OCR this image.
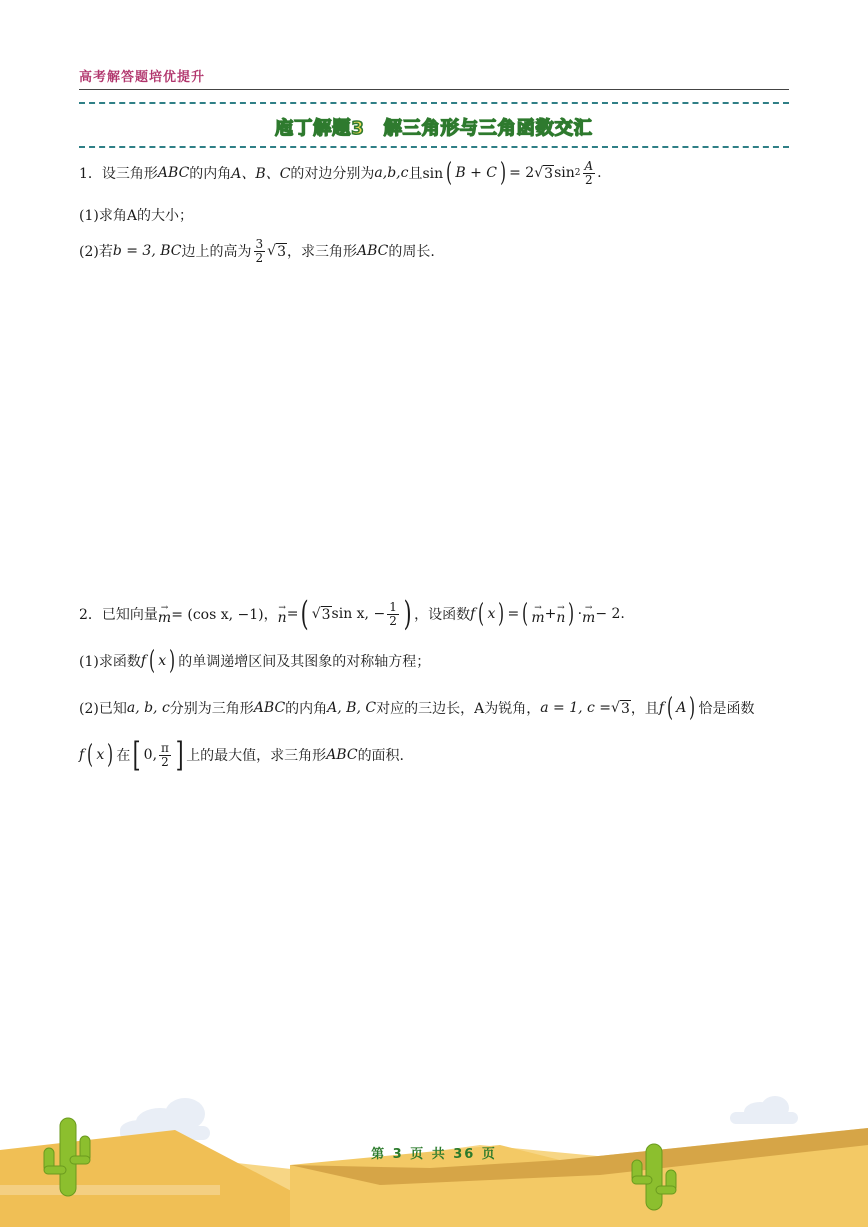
高考解答题培优提升
庖丁解题3　解三角形与三角函数交汇
1．设三角形 ABC 的内角 A、B、C 的对边分别为 a,b,c 且sin ( B + C ) = 2 √ 3 $\sin 2 \frac{A}{2}$ .
(1)求角A的大小；
(2)若 b = 3, BC 边上的高为 $\frac{3}{2}$ √ 3 ，求三角形 ABC 的周长.
2．已知向量 →
m = (cos x, −1)， →
n = ( √ 3 sin x, − $\frac{1}{2}$ ) ，设函数 f ( x ) = ( →
m + →
n ) · →
m − 2 .
(1)求函数 f ( x ) 的单调递增区间及其图象的对称轴方程；
(2)已知 a, b, c 分别为三角形 ABC 的内角 A, B, C 对应的三边长， A为锐角， a = 1, c = √ 3 ，且 f ( A ) 恰是函数
f ( x ) 在 [ 0, $\frac{\pi}{2}$ ] 上的最大值，求三角形 ABC 的面积.
第 3 页 共 36 页
